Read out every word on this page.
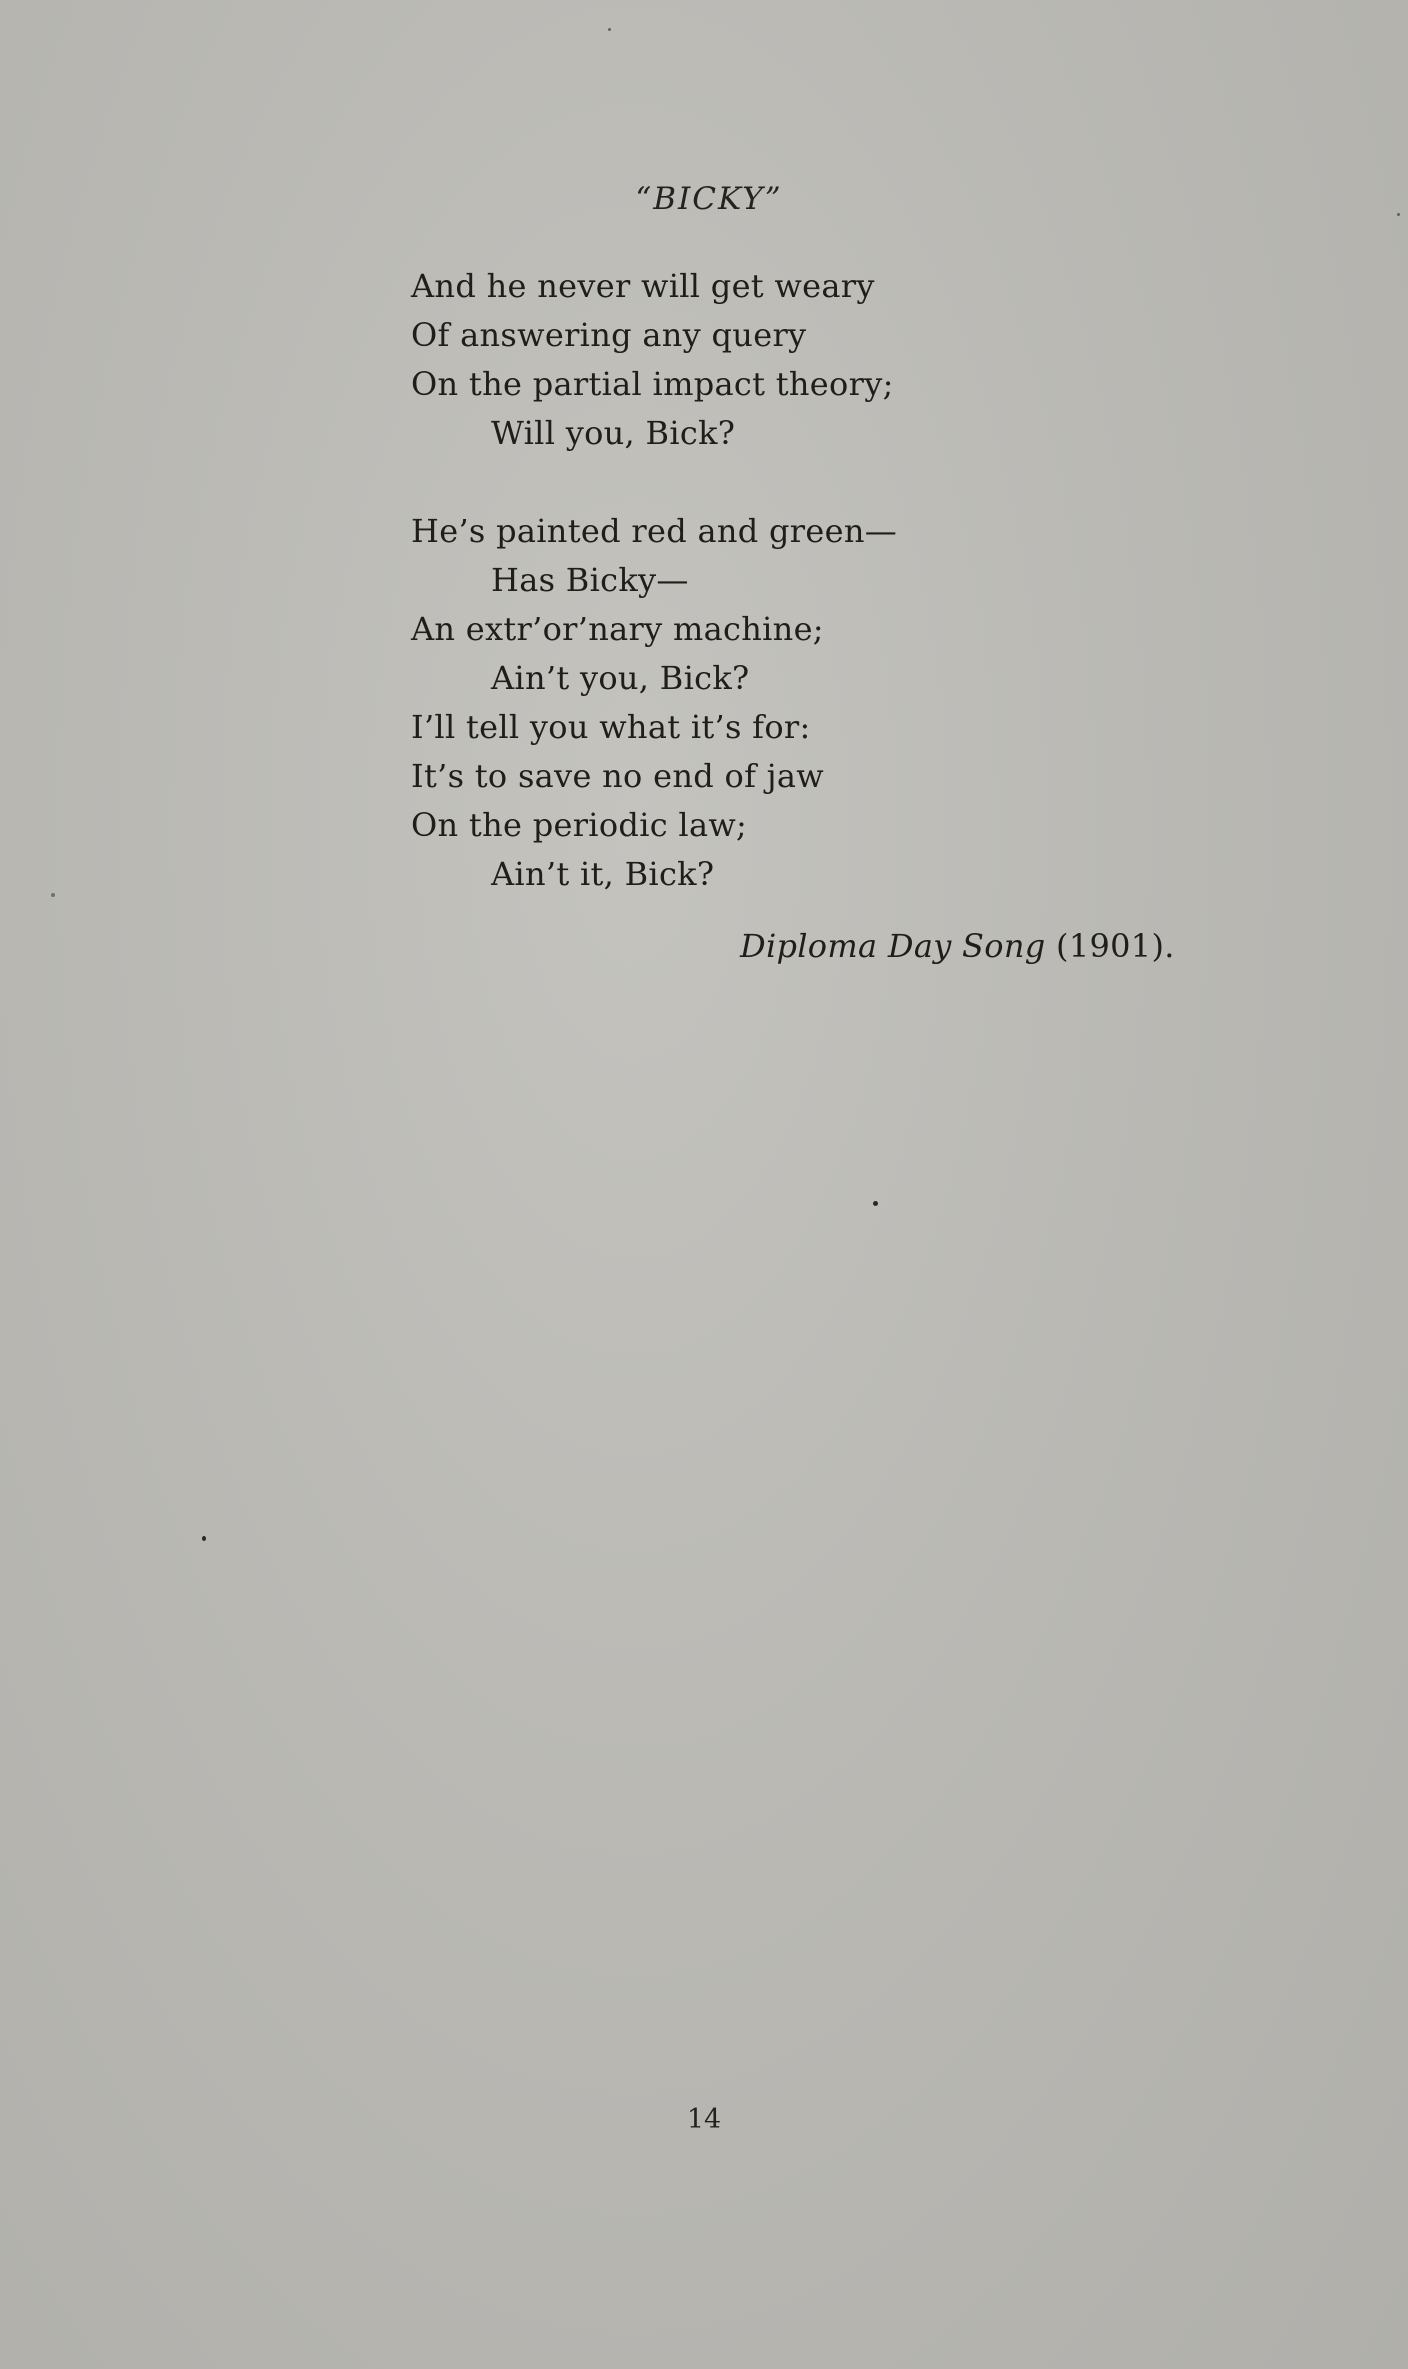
“BICKY”
And he never will get weary
Of answering any query
On the partial impact theory;
Will you, Bick?
He’s painted red and green—
Has Bicky—
An extr’or’nary machine;
Ain’t you, Bick?
I’ll tell you what it’s for:
It’s to save no end of jaw
On the periodic law;
Ain’t it, Bick?
Diploma Day Song (1901).
14
